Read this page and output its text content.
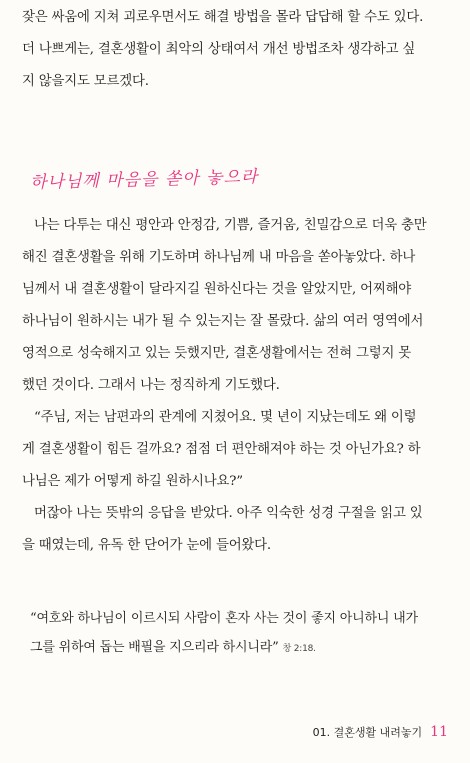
잦은 싸움에 지쳐 괴로우면서도 해결 방법을 몰라 답답해 할 수도 있다.
더 나쁘게는, 결혼생활이 최악의 상태여서 개선 방법조차 생각하고 싶
지 않을지도 모르겠다.
하나님께 마음을 쏟아 놓으라
나는 다투는 대신 평안과 안정감, 기쁨, 즐거움, 친밀감으로 더욱 충만
해진 결혼생활을 위해 기도하며 하나님께 내 마음을 쏟아놓았다. 하나
님께서 내 결혼생활이 달라지길 원하신다는 것을 알았지만, 어찌해야
하나님이 원하시는 내가 될 수 있는지는 잘 몰랐다. 삶의 여러 영역에서
영적으로 성숙해지고 있는 듯했지만, 결혼생활에서는 전혀 그렇지 못
했던 것이다. 그래서 나는 정직하게 기도했다.
“주님, 저는 남편과의 관계에 지쳤어요. 몇 년이 지났는데도 왜 이렇
게 결혼생활이 힘든 걸까요? 점점 더 편안해져야 하는 것 아닌가요? 하
나님은 제가 어떻게 하길 원하시나요?”
머잖아 나는 뜻밖의 응답을 받았다. 아주 익숙한 성경 구절을 읽고 있
을 때였는데, 유독 한 단어가 눈에 들어왔다.
“여호와 하나님이 이르시되 사람이 혼자 사는 것이 좋지 아니하니 내가
그를 위하여 돕는 배필을 지으리라 하시니라” 창 2:18.
01. 결혼생활 내려놓기 11
